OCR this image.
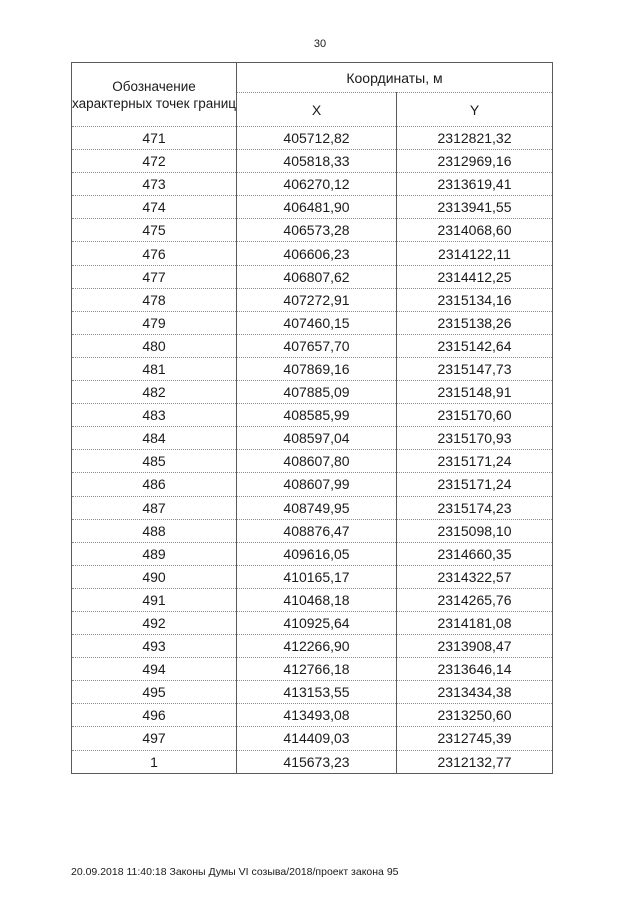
30
Обозначение характерных точек границ	Координаты, м	
	X	Y
471	405712,82	2312821,32
472	405818,33	2312969,16
473	406270,12	2313619,41
474	406481,90	2313941,55
475	406573,28	2314068,60
476	406606,23	2314122,11
477	406807,62	2314412,25
478	407272,91	2315134,16
479	407460,15	2315138,26
480	407657,70	2315142,64
481	407869,16	2315147,73
482	407885,09	2315148,91
483	408585,99	2315170,60
484	408597,04	2315170,93
485	408607,80	2315171,24
486	408607,99	2315171,24
487	408749,95	2315174,23
488	408876,47	2315098,10
489	409616,05	2314660,35
490	410165,17	2314322,57
491	410468,18	2314265,76
492	410925,64	2314181,08
493	412266,90	2313908,47
494	412766,18	2313646,14
495	413153,55	2313434,38
496	413493,08	2313250,60
497	414409,03	2312745,39
1	415673,23	2312132,77
20.09.2018 11:40:18 Законы Думы VI созыва/2018/проект закона 95
